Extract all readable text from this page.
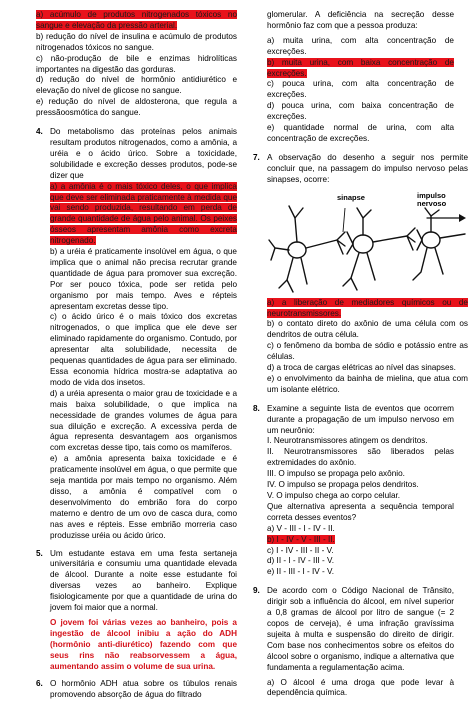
a) acúmulo de produtos nitrogenados tóxicos no sangue e elevação da pressão arterial.

b) redução do nível de insulina e acúmulo de produtos nitrogenados tóxicos no sangue.

c) não-produção de bile e enzimas hidrolíticas importantes na digestão das gorduras.

d) redução do nível de hormônio antidiurético e elevação do nível de glicose no sangue.

e) redução do nível de aldosterona, que regula a pressãoosmótica do sangue.

4. Do metabolismo das proteínas pelos animais resultam produtos nitrogenados, como a amônia, a uréia e o ácido úrico. Sobre a toxicidade, solubilidade e excreção desses produtos, pode-se dizer que

a) a amônia é o mais tóxico deles, o que implica que deve ser eliminada praticamente à medida que vai sendo produzida, resultando em perda de grande quantidade de água pelo animal. Os peixes ósseos apresentam amônia como excreta nitrogenado.

b) a uréia é praticamente insolúvel em água, o que implica que o animal não precisa recrutar grande quantidade de água para promover sua excreção. Por ser pouco tóxica, pode ser retida pelo organismo por mais tempo. Aves e répteis apresentam excretas desse tipo.

c) o ácido úrico é o mais tóxico dos excretas nitrogenados, o que implica que ele deve ser eliminado rapidamente do organismo. Contudo, por apresentar alta solubilidade, necessita de pequenas quantidades de água para ser eliminado. Essa economia hídrica mostra-se adaptativa ao modo de vida dos insetos.

d) a uréia apresenta o maior grau de toxicidade e a mais baixa solubilidade, o que implica na necessidade de grandes volumes de água para sua diluição e excreção. A excessiva perda de água representa desvantagem aos organismos com excretas desse tipo, tais como os mamíferos.

e) a amônia apresenta baixa toxicidade e é praticamente insolúvel em água, o que permite que seja mantida por mais tempo no organismo. Além disso, a amônia é compatível com o desenvolvimento do embrião fora do corpo materno e dentro de um ovo de casca dura, como nas aves e répteis. Esse embrião morreria caso produzisse uréia ou ácido úrico.

5. Um estudante estava em uma festa sertaneja universitária e consumiu uma quantidade elevada de álcool. Durante a noite esse estudante foi diversas vezes ao banheiro. Explique fisiologicamente por que a quantidade de urina do jovem foi maior que a normal.

O jovem foi várias vezes ao banheiro, pois a ingestão de álcool inibiu a ação do ADH (hormônio anti-diurético) fazendo com que seus rins não reabsorvessem a água, aumentando assim o volume de sua urina.

6. O hormônio ADH atua sobre os túbulos renais promovendo absorção de água do filtrado

glomerular. A deficiência na secreção desse hormônio faz com que a pessoa produza:

a) muita urina, com alta concentração de excreções.

b) muita urina, com baixa concentração de excreções.

c) pouca urina, com alta concentração de excreções.

d) pouca urina, com baixa concentração de excreções.

e) quantidade normal de urina, com alta concentração de excreções.

7. A observação do desenho a seguir nos permite concluir que, na passagem do impulso nervoso pelas sinapses, ocorre:

sinapse	impulso nervoso

a) a liberação de mediadores químicos ou de neurotransmissores.

b) o contato direto do axônio de uma célula com os dendritos de outra célula.

c) o fenômeno da bomba de sódio e potássio entre as células.

d) a troca de cargas elétricas ao nível das sinapses.

e) o envolvimento da bainha de mielina, que atua com um isolante elétrico.

8. Examine a seguinte lista de eventos que ocorrem durante a propagação de um impulso nervoso em um neurônio:

I. Neurotransmissores atingem os dendritos.

II. Neurotransmissores são liberados pelas extremidades do axônio.

III. O impulso se propaga pelo axônio.

IV. O impulso se propaga pelos dendritos.

V. O impulso chega ao corpo celular.

Que alternativa apresenta a sequência temporal correta desses eventos?

a) V - III - I - IV - II.

b) I - IV - V - III - II.

c) I - IV - III - II - V.

d) II - I - IV - III - V.

e) II - III - I - IV - V.

9. De acordo com o Código Nacional de Trânsito, dirigir sob a influência do álcool, em nível superior a 0,8 gramas de álcool por litro de sangue (= 2 copos de cerveja), é uma infração gravíssima sujeita à multa e suspensão do direito de dirigir. Com base nos conhecimentos sobre os efeitos do álcool sobre o organismo, indique a alternativa que fundamenta a regulamentação acima.

a) O álcool é uma droga que pode levar à dependência química.
